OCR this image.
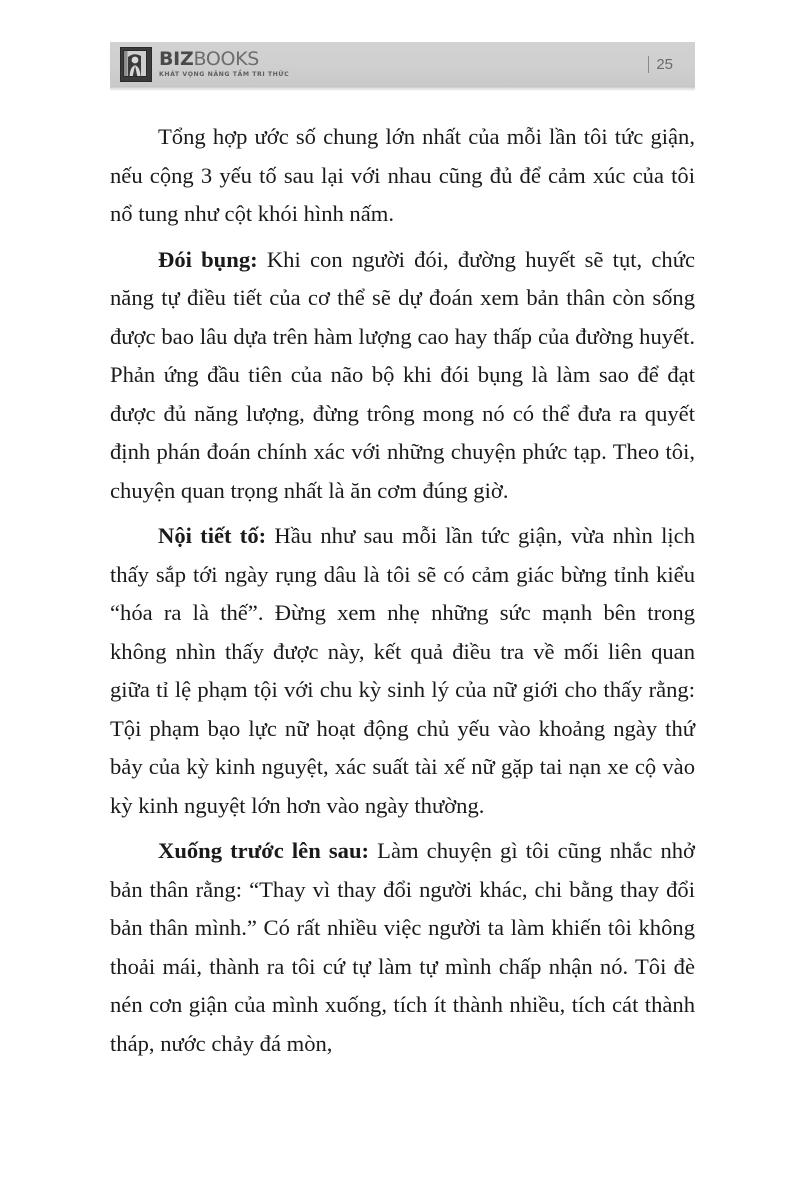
BIZBOOKS
KHÁT VỌNG NÂNG TẦM TRI THỨC
25

Tổng hợp ước số chung lớn nhất của mỗi lần tôi tức giận, nếu cộng 3 yếu tố sau lại với nhau cũng đủ để cảm xúc của tôi nổ tung như cột khói hình nấm.

Đói bụng: Khi con người đói, đường huyết sẽ tụt, chức năng tự điều tiết của cơ thể sẽ dự đoán xem bản thân còn sống được bao lâu dựa trên hàm lượng cao hay thấp của đường huyết. Phản ứng đầu tiên của não bộ khi đói bụng là làm sao để đạt được đủ năng lượng, đừng trông mong nó có thể đưa ra quyết định phán đoán chính xác với những chuyện phức tạp. Theo tôi, chuyện quan trọng nhất là ăn cơm đúng giờ.

Nội tiết tố: Hầu như sau mỗi lần tức giận, vừa nhìn lịch thấy sắp tới ngày rụng dâu là tôi sẽ có cảm giác bừng tỉnh kiểu “hóa ra là thế”. Đừng xem nhẹ những sức mạnh bên trong không nhìn thấy được này, kết quả điều tra về mối liên quan giữa tỉ lệ phạm tội với chu kỳ sinh lý của nữ giới cho thấy rằng: Tội phạm bạo lực nữ hoạt động chủ yếu vào khoảng ngày thứ bảy của kỳ kinh nguyệt, xác suất tài xế nữ gặp tai nạn xe cộ vào kỳ kinh nguyệt lớn hơn vào ngày thường.

Xuống trước lên sau: Làm chuyện gì tôi cũng nhắc nhở bản thân rằng: “Thay vì thay đổi người khác, chi bằng thay đổi bản thân mình.” Có rất nhiều việc người ta làm khiến tôi không thoải mái, thành ra tôi cứ tự làm tự mình chấp nhận nó. Tôi đè nén cơn giận của mình xuống, tích ít thành nhiều, tích cát thành tháp, nước chảy đá mòn,
